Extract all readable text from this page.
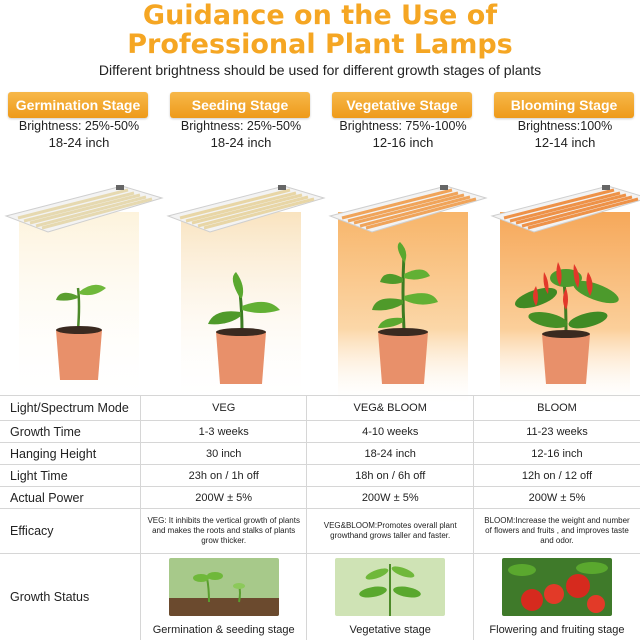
Guidance on the Use of
Professional Plant Lamps
Different brightness should be used for different growth stages of plants
Germination Stage
Brightness: 25%-50%
18-24 inch
Seeding Stage
Brightness: 25%-50%
18-24 inch
Vegetative Stage
Brightness: 75%-100%
12-16 inch
Blooming Stage
Brightness:100%
12-14 inch
Light/Spectrum Mode	VEG	VEG& BLOOM	BLOOM
Growth Time	1-3 weeks	4-10 weeks	11-23 weeks
Hanging Height	30 inch	18-24 inch	12-16 inch
Light Time	23h on / 1h off	18h on / 6h off	12h on / 12 off
Actual Power	200W ± 5%	200W ± 5%	200W ± 5%
Efficacy	VEG: It inhibits the vertical growth of plants and makes the roots and stalks of plants grow thicker.	VEG&BLOOM:Promotes overall plant growthand grows taller and faster.	BLOOM:Increase the weight and number of flowers and fruits , and improves taste and odor.
Growth Status	Germination & seeding stage	Vegetative stage	Flowering and fruiting stage
